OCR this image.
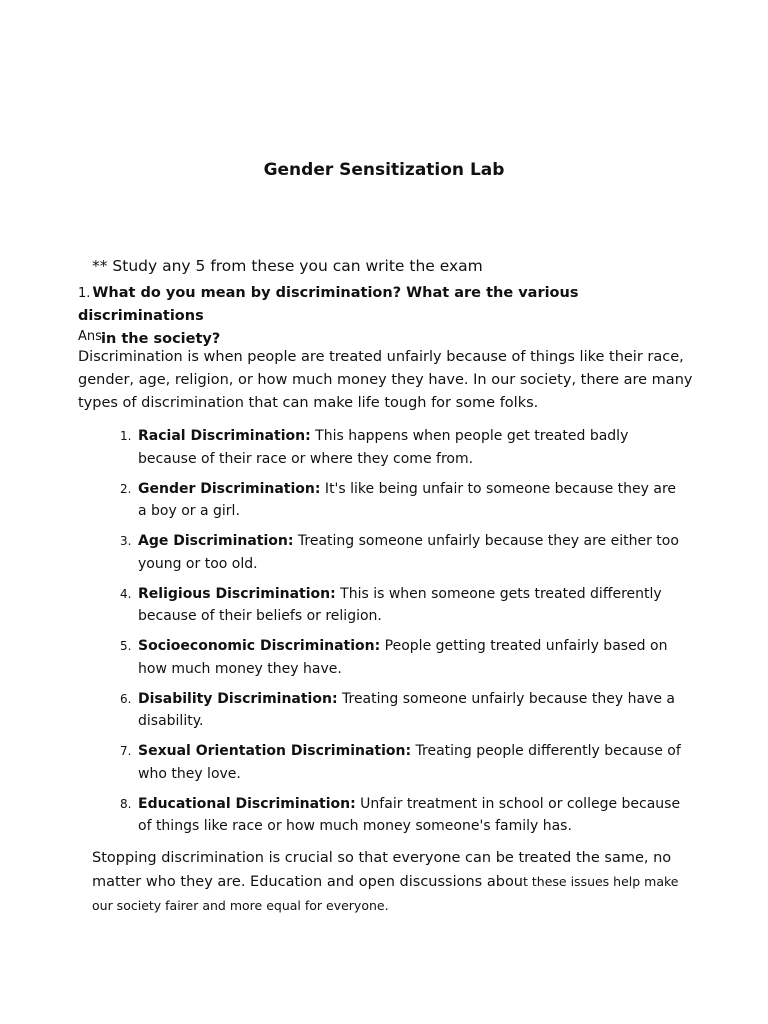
Gender Sensitization Lab
** Study any 5 from these you can write the exam
1. What do you mean by discrimination? What are the various discriminations
in the society?
Ans:-
Discrimination is when people are treated unfairly because of things like their race, gender, age, religion, or how much money they have. In our society, there are many types of discrimination that can make life tough for some folks.
1. Racial Discrimination: This happens when people get treated badly because of their race or where they come from.
2. Gender Discrimination: It's like being unfair to someone because they are a boy or a girl.
3. Age Discrimination: Treating someone unfairly because they are either too young or too old.
4. Religious Discrimination: This is when someone gets treated differently because of their beliefs or religion.
5. Socioeconomic Discrimination: People getting treated unfairly based on how much money they have.
6. Disability Discrimination: Treating someone unfairly because they have a disability.
7. Sexual Orientation Discrimination: Treating people differently because of who they love.
8. Educational Discrimination: Unfair treatment in school or college because of things like race or how much money someone's family has.
Stopping discrimination is crucial so that everyone can be treated the same, no matter who they are. Education and open discussions about these issues help make our society fairer and more equal for everyone.
